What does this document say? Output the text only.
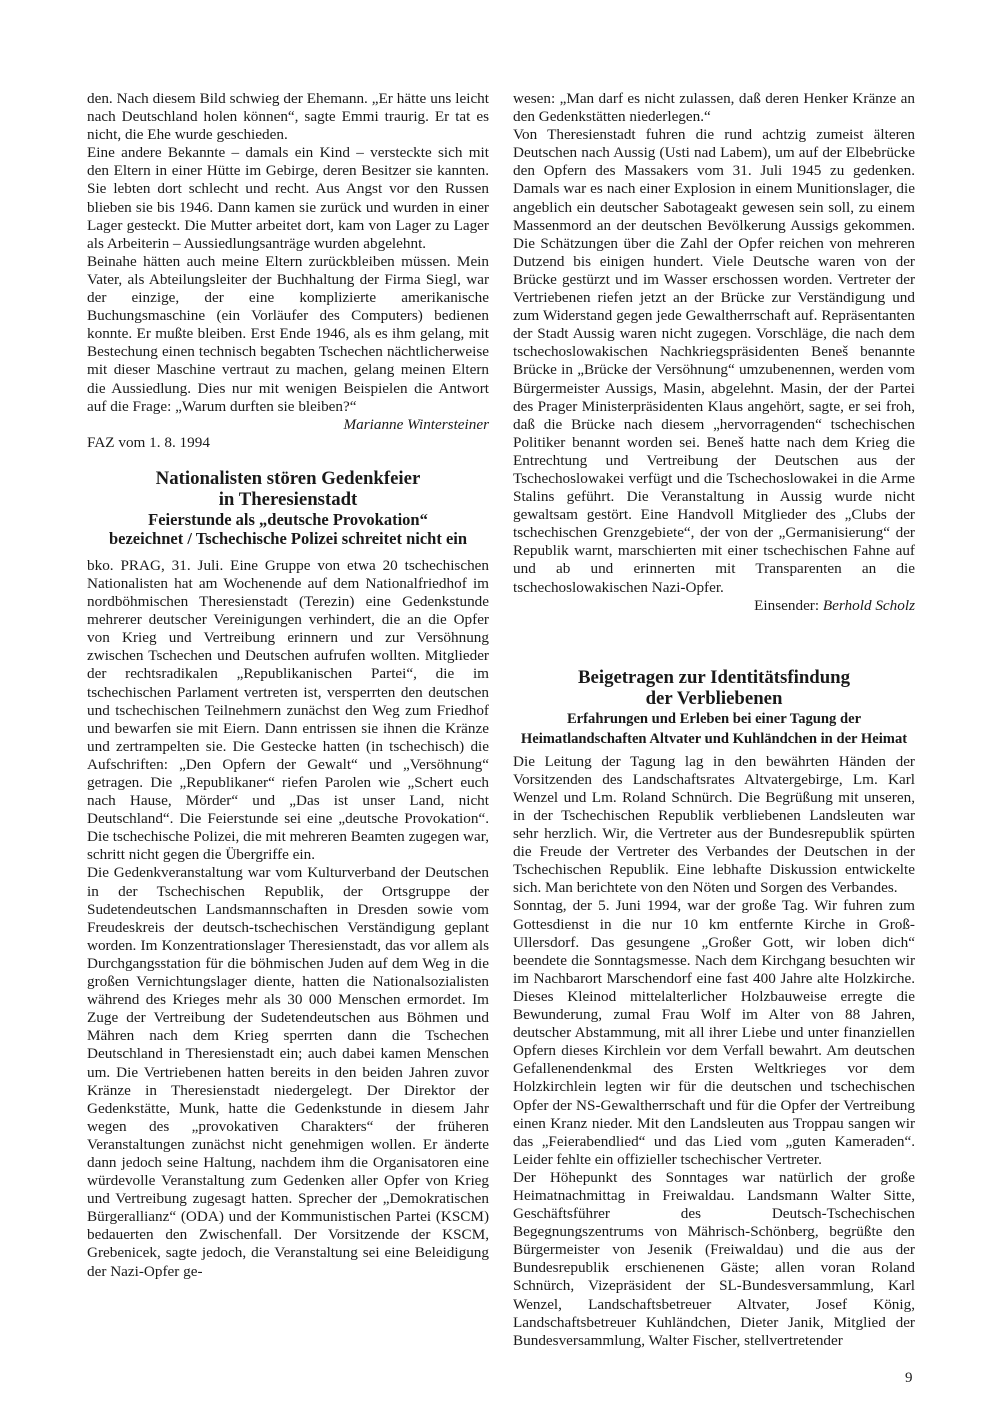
den. Nach diesem Bild schwieg der Ehemann. „Er hätte uns leicht nach Deutschland holen können“, sagte Emmi traurig. Er tat es nicht, die Ehe wurde geschieden.

Eine andere Bekannte – damals ein Kind – versteckte sich mit den Eltern in einer Hütte im Gebirge, deren Besitzer sie kannten. Sie lebten dort schlecht und recht. Aus Angst vor den Russen blieben sie bis 1946. Dann kamen sie zurück und wurden in einer Lager gesteckt. Die Mutter arbeitet dort, kam von Lager zu Lager als Arbeiterin – Aussiedlungsanträge wurden abgelehnt.

Beinahe hätten auch meine Eltern zurückbleiben müssen. Mein Vater, als Abteilungsleiter der Buchhaltung der Firma Siegl, war der einzige, der eine komplizierte amerikanische Buchungsmaschine (ein Vorläufer des Computers) bedienen konnte. Er mußte bleiben. Erst Ende 1946, als es ihm gelang, mit Bestechung einen technisch begabten Tschechen nächtlicherweise mit dieser Maschine vertraut zu machen, gelang meinen Eltern die Aussiedlung. Dies nur mit wenigen Beispielen die Antwort auf die Frage: „Warum durften sie bleiben?“

Marianne Wintersteiner

FAZ vom 1. 8. 1994

Nationalisten stören Gedenkfeier

in Theresienstadt

Feierstunde als „deutsche Provokation“

bezeichnet / Tschechische Polizei schreitet nicht ein

bko. PRAG, 31. Juli. Eine Gruppe von etwa 20 tschechischen Nationalisten hat am Wochenende auf dem Nationalfriedhof im nordböhmischen Theresienstadt (Terezin) eine Gedenkstunde mehrerer deutscher Vereinigungen verhindert, die an die Opfer von Krieg und Vertreibung erinnern und zur Versöhnung zwischen Tschechen und Deutschen aufrufen wollten. Mitglieder der rechtsradikalen „Republikanischen Partei“, die im tschechischen Parlament vertreten ist, versperrten den deutschen und tschechischen Teilnehmern zunächst den Weg zum Friedhof und bewarfen sie mit Eiern. Dann entrissen sie ihnen die Kränze und zertrampelten sie. Die Gestecke hatten (in tschechisch) die Aufschriften: „Den Opfern der Gewalt“ und „Versöhnung“ getragen. Die „Republikaner“ riefen Parolen wie „Schert euch nach Hause, Mörder“ und „Das ist unser Land, nicht Deutschland“. Die Feierstunde sei eine „deutsche Provokation“. Die tschechische Polizei, die mit mehreren Beamten zugegen war, schritt nicht gegen die Übergriffe ein.

Die Gedenkveranstaltung war vom Kulturverband der Deutschen in der Tschechischen Republik, der Ortsgruppe der Sudetendeutschen Landsmannschaften in Dresden sowie vom Freudeskreis der deutsch-tschechischen Verständigung geplant worden. Im Konzentrationslager Theresienstadt, das vor allem als Durchgangsstation für die böhmischen Juden auf dem Weg in die großen Vernichtungslager diente, hatten die Nationalsozialisten während des Krieges mehr als 30 000 Menschen ermordet. Im Zuge der Vertreibung der Sudetendeutschen aus Böhmen und Mähren nach dem Krieg sperrten dann die Tschechen Deutschland in Theresienstadt ein; auch dabei kamen Menschen um. Die Vertriebenen hatten bereits in den beiden Jahren zuvor Kränze in Theresienstadt niedergelegt. Der Direktor der Gedenkstätte, Munk, hatte die Gedenkstunde in diesem Jahr wegen des „provokativen Charakters“ der früheren Veranstaltungen zunächst nicht genehmigen wollen. Er änderte dann jedoch seine Haltung, nachdem ihm die Organisatoren eine würdevolle Veranstaltung zum Gedenken aller Opfer von Krieg und Vertreibung zugesagt hatten. Sprecher der „Demokratischen Bürgerallianz“ (ODA) und der Kommunistischen Partei (KSCM) bedauerten den Zwischenfall. Der Vorsitzende der KSCM, Grebenicek, sagte jedoch, die Veranstaltung sei eine Beleidigung der Nazi-Opfer ge-

wesen: „Man darf es nicht zulassen, daß deren Henker Kränze an den Gedenkstätten niederlegen.“

Von Theresienstadt fuhren die rund achtzig zumeist älteren Deutschen nach Aussig (Usti nad Labem), um auf der Elbebrücke den Opfern des Massakers vom 31. Juli 1945 zu gedenken. Damals war es nach einer Explosion in einem Munitionslager, die angeblich ein deutscher Sabotageakt gewesen sein soll, zu einem Massenmord an der deutschen Bevölkerung Aussigs gekommen. Die Schätzungen über die Zahl der Opfer reichen von mehreren Dutzend bis einigen hundert. Viele Deutsche waren von der Brücke gestürzt und im Wasser erschossen worden. Vertreter der Vertriebenen riefen jetzt an der Brücke zur Verständigung und zum Widerstand gegen jede Gewaltherrschaft auf. Repräsentanten der Stadt Aussig waren nicht zugegen. Vorschläge, die nach dem tschechoslowakischen Nachkriegspräsidenten Beneš benannte Brücke in „Brücke der Versöhnung“ umzubenennen, werden vom Bürgermeister Aussigs, Masin, abgelehnt. Masin, der der Partei des Prager Ministerpräsidenten Klaus angehört, sagte, er sei froh, daß die Brücke nach diesem „hervorragenden“ tschechischen Politiker benannt worden sei. Beneš hatte nach dem Krieg die Entrechtung und Vertreibung der Deutschen aus der Tschechoslowakei verfügt und die Tschechoslowakei in die Arme Stalins geführt. Die Veranstaltung in Aussig wurde nicht gewaltsam gestört. Eine Handvoll Mitglieder des „Clubs der tschechischen Grenzgebiete“, der von der „Germanisierung“ der Republik warnt, marschierten mit einer tschechischen Fahne auf und ab und erinnerten mit Transparenten an die tschechoslowakischen Nazi-Opfer.

Einsender: Berhold Scholz

Beigetragen zur Identitätsfindung

der Verbliebenen

Erfahrungen und Erleben bei einer Tagung der

Heimatlandschaften Altvater und Kuhländchen in der Heimat

Die Leitung der Tagung lag in den bewährten Händen der Vorsitzenden des Landschaftsrates Altvatergebirge, Lm. Karl Wenzel und Lm. Roland Schnürch. Die Begrüßung mit unseren, in der Tschechischen Republik verbliebenen Landsleuten war sehr herzlich. Wir, die Vertreter aus der Bundesrepublik spürten die Freude der Vertreter des Verbandes der Deutschen in der Tschechischen Republik. Eine lebhafte Diskussion entwickelte sich. Man berichtete von den Nöten und Sorgen des Verbandes.

Sonntag, der 5. Juni 1994, war der große Tag. Wir fuhren zum Gottesdienst in die nur 10 km entfernte Kirche in Groß-Ullersdorf. Das gesungene „Großer Gott, wir loben dich“ beendete die Sonntagsmesse. Nach dem Kirchgang besuchten wir im Nachbarort Marschendorf eine fast 400 Jahre alte Holzkirche. Dieses Kleinod mittelalterlicher Holzbauweise erregte die Bewunderung, zumal Frau Wolf im Alter von 88 Jahren, deutscher Abstammung, mit all ihrer Liebe und unter finanziellen Opfern dieses Kirchlein vor dem Verfall bewahrt. Am deutschen Gefallenendenkmal des Ersten Weltkrieges vor dem Holzkirchlein legten wir für die deutschen und tschechischen Opfer der NS-Gewaltherrschaft und für die Opfer der Vertreibung einen Kranz nieder. Mit den Landsleuten aus Troppau sangen wir das „Feierabendlied“ und das Lied vom „guten Kameraden“. Leider fehlte ein offizieller tschechischer Vertreter.

Der Höhepunkt des Sonntages war natürlich der große Heimatnachmittag in Freiwaldau. Landsmann Walter Sitte, Geschäftsführer des Deutsch-Tschechischen Begegnungszentrums von Mährisch-Schönberg, begrüßte den Bürgermeister von Jesenik (Freiwaldau) und die aus der Bundesrepublik erschienenen Gäste; allen voran Roland Schnürch, Vizepräsident der SL-Bundesversammlung, Karl Wenzel, Landschaftsbetreuer Altvater, Josef König, Landschaftsbetreuer Kuhländchen, Dieter Janik, Mitglied der Bundesversammlung, Walter Fischer, stellvertretender

9
